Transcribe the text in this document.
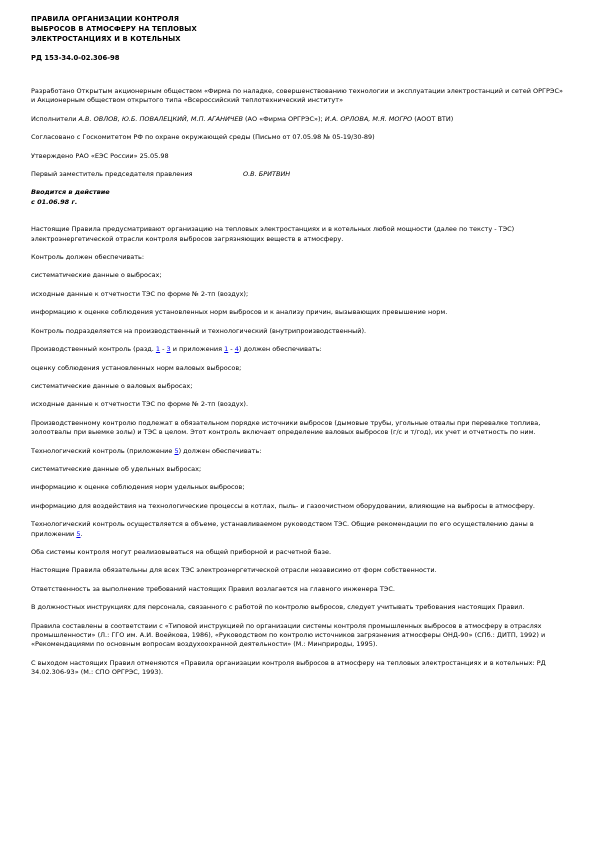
ПРАВИЛА ОРГАНИЗАЦИИ КОНТРОЛЯ
ВЫБРОСОВ В АТМОСФЕРУ НА ТЕПЛОВЫХ
ЭЛЕКТРОСТАНЦИЯХ И В КОТЕЛЬНЫХ
РД 153-34.0-02.306-98

Разработано Открытым акционерным обществом «Фирма по наладке, совершенствованию технологии и эксплуатации электростанций и сетей ОРГРЭС» и Акционерным обществом открытого типа «Всероссийский теплотехнический институт»

Исполнители А.В. ОВЛОВ, Ю.Б. ПОВАЛЕЦКИЙ, М.П. АГАНИЧЕВ (АО «Фирма ОРГРЭС»); И.А. ОРЛОВА, М.Я. МОГРО (АООТ ВТИ)

Согласовано с Госкомитетом РФ по охране окружающей среды (Письмо от 07.05.98 № 05-19/30-89)

Утверждено РАО «ЕЭС России» 25.05.98

Первый заместитель председателя правления	О.В. БРИТВИН
Вводится в действие
с 01.06.98 г.

Настоящие Правила предусматривают организацию на тепловых электростанциях и в котельных любой мощности (далее по тексту - ТЭС) электроэнергетической отрасли контроля выбросов загрязняющих веществ в атмосферу.

Контроль должен обеспечивать:

систематические данные о выбросах;

исходные данные к отчетности ТЭС по форме № 2-тп (воздух);

информацию к оценке соблюдения установленных норм выбросов и к анализу причин, вызывающих превышение норм.

Контроль подразделяется на производственный и технологический (внутрипроизводственный).

Производственный контроль (разд. 1 - 3 и приложения 1 - 4) должен обеспечивать:

оценку соблюдения установленных норм валовых выбросов;

систематические данные о валовых выбросах;

исходные данные к отчетности ТЭС по форме № 2-тп (воздух).

Производственному контролю подлежат в обязательном порядке источники выбросов (дымовые трубы, угольные отвалы при перевалке топлива, золоотвалы при выемке золы) и ТЭС в целом. Этот контроль включает определение валовых выбросов (г/с и т/год), их учет и отчетность по ним.

Технологический контроль (приложение 5) должен обеспечивать:

систематические данные об удельных выбросах;

информацию к оценке соблюдения норм удельных выбросов;

информацию для воздействия на технологические процессы в котлах, пыль- и газоочистном оборудовании, влияющие на выбросы в атмосферу.

Технологический контроль осуществляется в объеме, устанавливаемом руководством ТЭС. Общие рекомендации по его осуществлению даны в приложении 5.

Оба системы контроля могут реализовываться на общей приборной и расчетной базе.

Настоящие Правила обязательны для всех ТЭС электроэнергетической отрасли независимо от форм собственности.

Ответственность за выполнение требований настоящих Правил возлагается на главного инженера ТЭС.

В должностных инструкциях для персонала, связанного с работой по контролю выбросов, следует учитывать требования настоящих Правил.

Правила составлены в соответствии с «Типовой инструкцией по организации системы контроля промышленных выбросов в атмосферу в отраслях промышленности» (Л.: ГГО им. А.И. Воейкова, 1986), «Руководством по контролю источников загрязнения атмосферы ОНД-90» (СПб.: ДИТП, 1992) и «Рекомендациями по основным вопросам воздухоохранной деятельности» (М.: Минприроды, 1995).

С выходом настоящих Правил отменяются «Правила организации контроля выбросов в атмосферу на тепловых электростанциях и в котельных: РД 34.02.306-93» (М.: СПО ОРГРЭС, 1993).
